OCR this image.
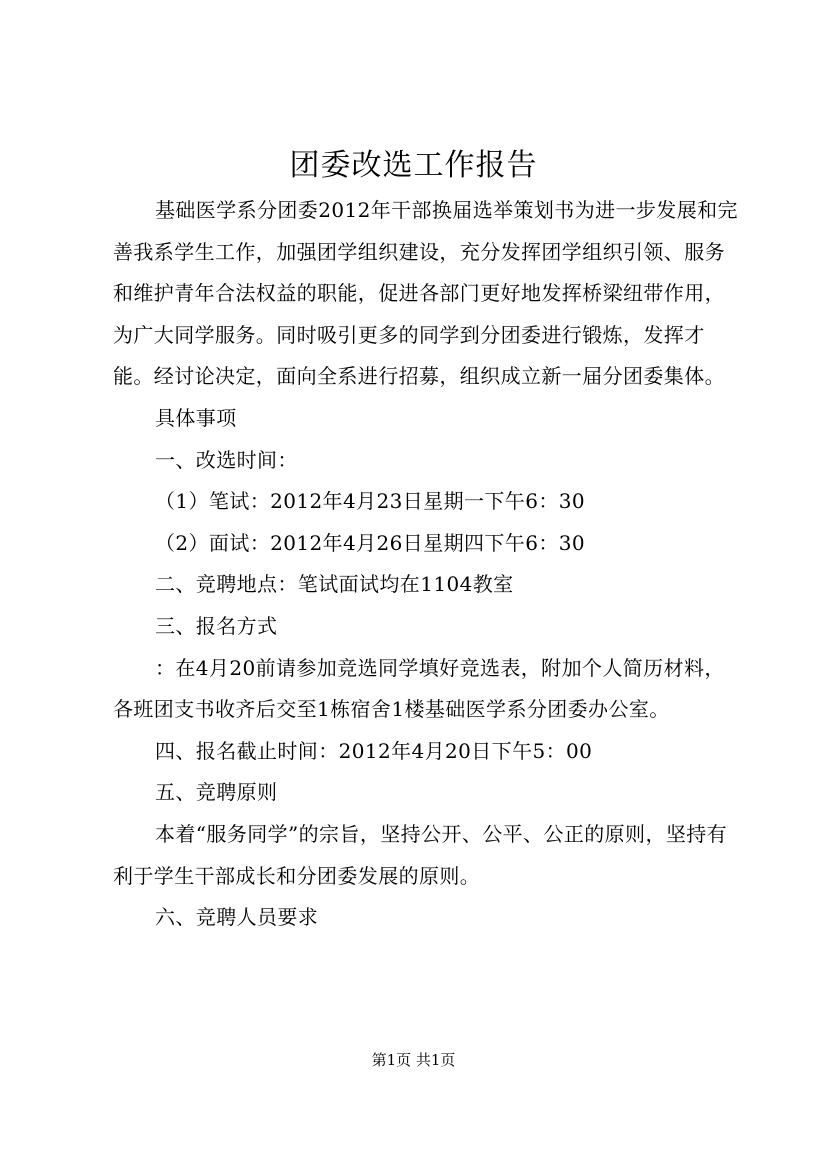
团委改选工作报告

基础医学系分团委2012年干部换届选举策划书为进一步发展和完善我系学生工作，加强团学组织建设，充分发挥团学组织引领、服务和维护青年合法权益的职能，促进各部门更好地发挥桥梁纽带作用，为广大同学服务。同时吸引更多的同学到分团委进行锻炼，发挥才能。经讨论决定，面向全系进行招募，组织成立新一届分团委集体。

具体事项

一、改选时间：

（1）笔试：2012年4月23日星期一下午6：30

（2）面试：2012年4月26日星期四下午6：30

二、竞聘地点：笔试面试均在1104教室

三、报名方式

：在4月20前请参加竞选同学填好竞选表，附加个人简历材料，各班团支书收齐后交至1栋宿舍1楼基础医学系分团委办公室。

四、报名截止时间：2012年4月20日下午5：00

五、竞聘原则

本着“服务同学”的宗旨，坚持公开、公平、公正的原则，坚持有利于学生干部成长和分团委发展的原则。

六、竞聘人员要求

第1页 共1页
